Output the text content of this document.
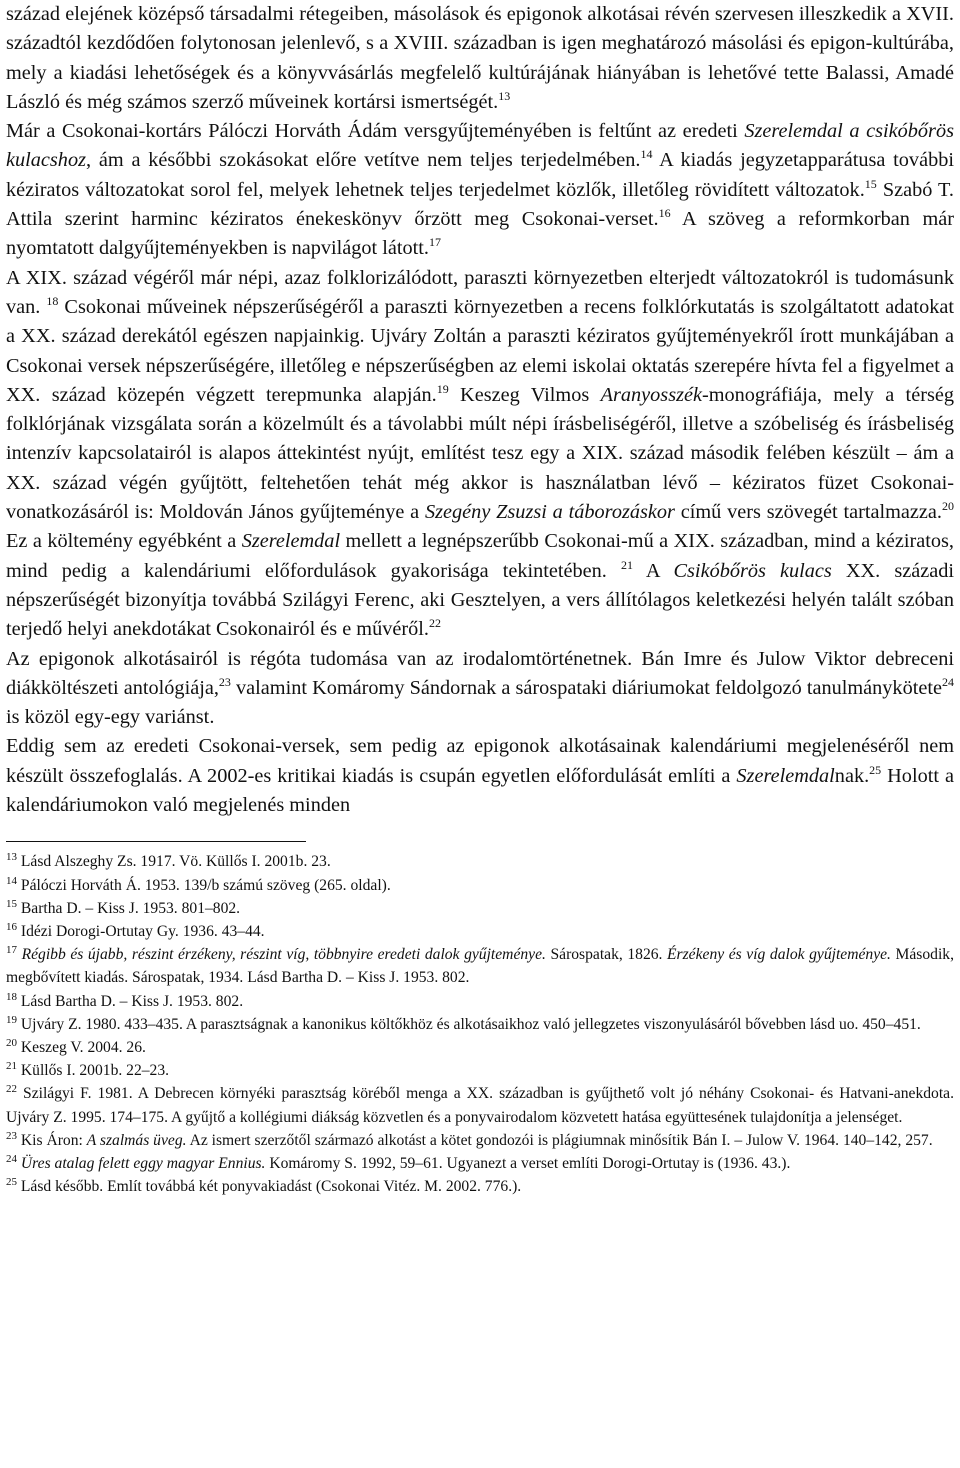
század elejének középső társadalmi rétegeiben, másolások és epigonok alkotásai révén szervesen illeszkedik a XVII. századtól kezdődően folytonosan jelenlevő, s a XVIII. században is igen meghatározó másolási és epigon-kultúrába, mely a kiadási lehetőségek és a könyvvásárlás megfelelő kultúrájának hiányában is lehetővé tette Balassi, Amadé László és még számos szerző műveinek kortársi ismertségét.$^{13}$

Már a Csokonai-kortárs Pálóczi Horváth Ádám versgyűjteményében is feltűnt az eredeti Szerelemdal a csikóbőrös kulacshoz, ám a későbbi szokásokat előre vetítve nem teljes terjedelmében.$^{14}$ A kiadás jegyzetapparátusa további kéziratos változatokat sorol fel, melyek lehetnek teljes terjedelmet közlők, illetőleg rövidített változatok.$^{15}$ Szabó T. Attila szerint harminc kéziratos énekeskönyv őrzött meg Csokonai-verset.$^{16}$ A szöveg a reformkorban már nyomtatott dalgyűjteményekben is napvilágot látott.$^{17}$

A XIX. század végéről már népi, azaz folklorizálódott, paraszti környezetben elterjedt változatokról is tudomásunk van. $^{18}$ Csokonai műveinek népszerűségéről a paraszti környezetben a recens folklórkutatás is szolgáltatott adatokat a XX. század derekától egészen napjainkig. Ujváry Zoltán a paraszti kéziratos gyűjteményekről írott munkájában a Csokonai versek népszerűségére, illetőleg e népszerűségben az elemi iskolai oktatás szerepére hívta fel a figyelmet a XX. század közepén végzett terepmunka alapján.$^{19}$ Keszeg Vilmos Aranyosszék-monográfiája, mely a térség folklórjának vizsgálata során a közelmúlt és a távolabbi múlt népi írásbeliségéről, illetve a szóbeliség és írásbeliség intenzív kapcsolatairól is alapos áttekintést nyújt, említést tesz egy a XIX. század második felében készült – ám a XX. század végén gyűjtött, feltehetően tehát még akkor is használatban lévő – kéziratos füzet Csokonai-vonatkozásáról is: Moldován János gyűjteménye a Szegény Zsuzsi a táborozáskor című vers szövegét tartalmazza.$^{20}$ Ez a költemény egyébként a Szerelemdal mellett a legnépszerűbb Csokonai-mű a XIX. században, mind a kéziratos, mind pedig a kalendáriumi előfordulások gyakorisága tekintetében. $^{21}$ A Csikóbőrös kulacs XX. századi népszerűségét bizonyítja továbbá Szilágyi Ferenc, aki Gesztelyen, a vers állítólagos keletkezési helyén talált szóban terjedő helyi anekdotákat Csokonairól és e művéről.$^{22}$

Az epigonok alkotásairól is régóta tudomása van az irodalomtörténetnek. Bán Imre és Julow Viktor debreceni diákköltészeti antológiája,$^{23}$ valamint Komáromy Sándornak a sárospataki diáriumokat feldolgozó tanulmánykötete$^{24}$ is közöl egy-egy variánst.

Eddig sem az eredeti Csokonai-versek, sem pedig az epigonok alkotásainak kalendáriumi megjelenéséről nem készült összefoglalás. A 2002-es kritikai kiadás is csupán egyetlen előfordulását említi a Szerelemdalnak.$^{25}$ Holott a kalendáriumokon való megjelenés minden

$^{13}$ Lásd Alszeghy Zs. 1917. Vö. Küllős I. 2001b. 23.

$^{14}$ Pálóczi Horváth Á. 1953. 139/b számú szöveg (265. oldal).

$^{15}$ Bartha D. – Kiss J. 1953. 801–802.

$^{16}$ Idézi Dorogi-Ortutay Gy. 1936. 43–44.

$^{17}$ Régibb és újabb, részint érzékeny, részint víg, többnyire eredeti dalok gyűjteménye. Sárospatak, 1826. Érzékeny és víg dalok gyűjteménye. Második, megbővített kiadás. Sárospatak, 1934. Lásd Bartha D. – Kiss J. 1953. 802.

$^{18}$ Lásd Bartha D. – Kiss J. 1953. 802.

$^{19}$ Ujváry Z. 1980. 433–435. A parasztságnak a kanonikus költőkhöz és alkotásaikhoz való jellegzetes viszonyulásáról bővebben lásd uo. 450–451.

$^{20}$ Keszeg V. 2004. 26.

$^{21}$ Küllős I. 2001b. 22–23.

$^{22}$ Szilágyi F. 1981. A Debrecen környéki parasztság köréből menga a XX. században is gyűjthető volt jó néhány Csokonai- és Hatvani-anekdota. Ujváry Z. 1995. 174–175. A gyűjtő a kollégiumi diákság közvetlen és a ponyvairodalom közvetett hatása együttesének tulajdonítja a jelenséget.

$^{23}$ Kis Áron: A szalmás üveg. Az ismert szerzőtől származó alkotást a kötet gondozói is plágiumnak minősítik Bán I. – Julow V. 1964. 140–142, 257.

$^{24}$ Üres atalag felett eggy magyar Ennius. Komáromy S. 1992, 59–61. Ugyanezt a verset említi Dorogi-Ortutay is (1936. 43.).

$^{25}$ Lásd később. Említ továbbá két ponyvakiadást (Csokonai Vitéz. M. 2002. 776.).
